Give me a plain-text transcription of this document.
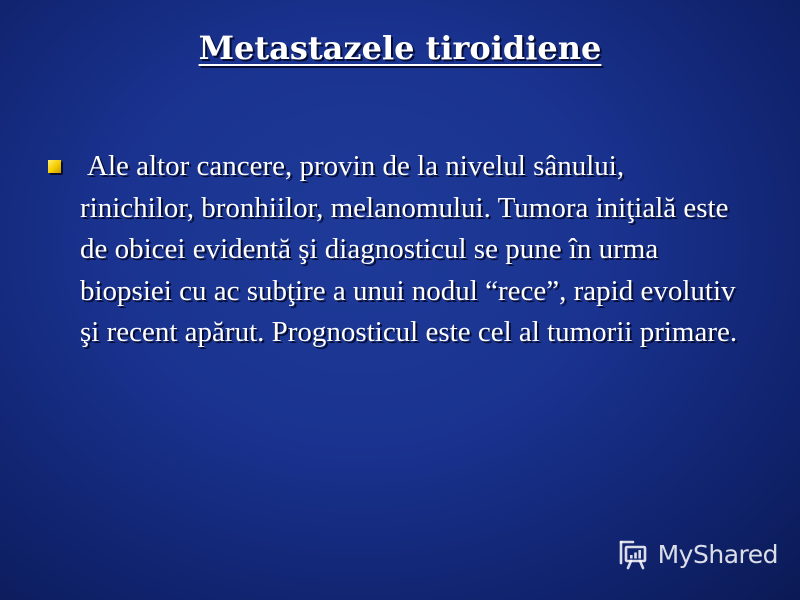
Metastazele tiroidiene
Ale altor cancere, provin de la nivelul sânului, rinichilor, bronhiilor, melanomului. Tumora iniţială este de obicei evidentă şi diagnosticul se pune în urma biopsiei cu ac subţire a unui nodul “rece”, rapid evolutiv şi recent apărut. Prognosticul este cel al tumorii primare.
MyShared
